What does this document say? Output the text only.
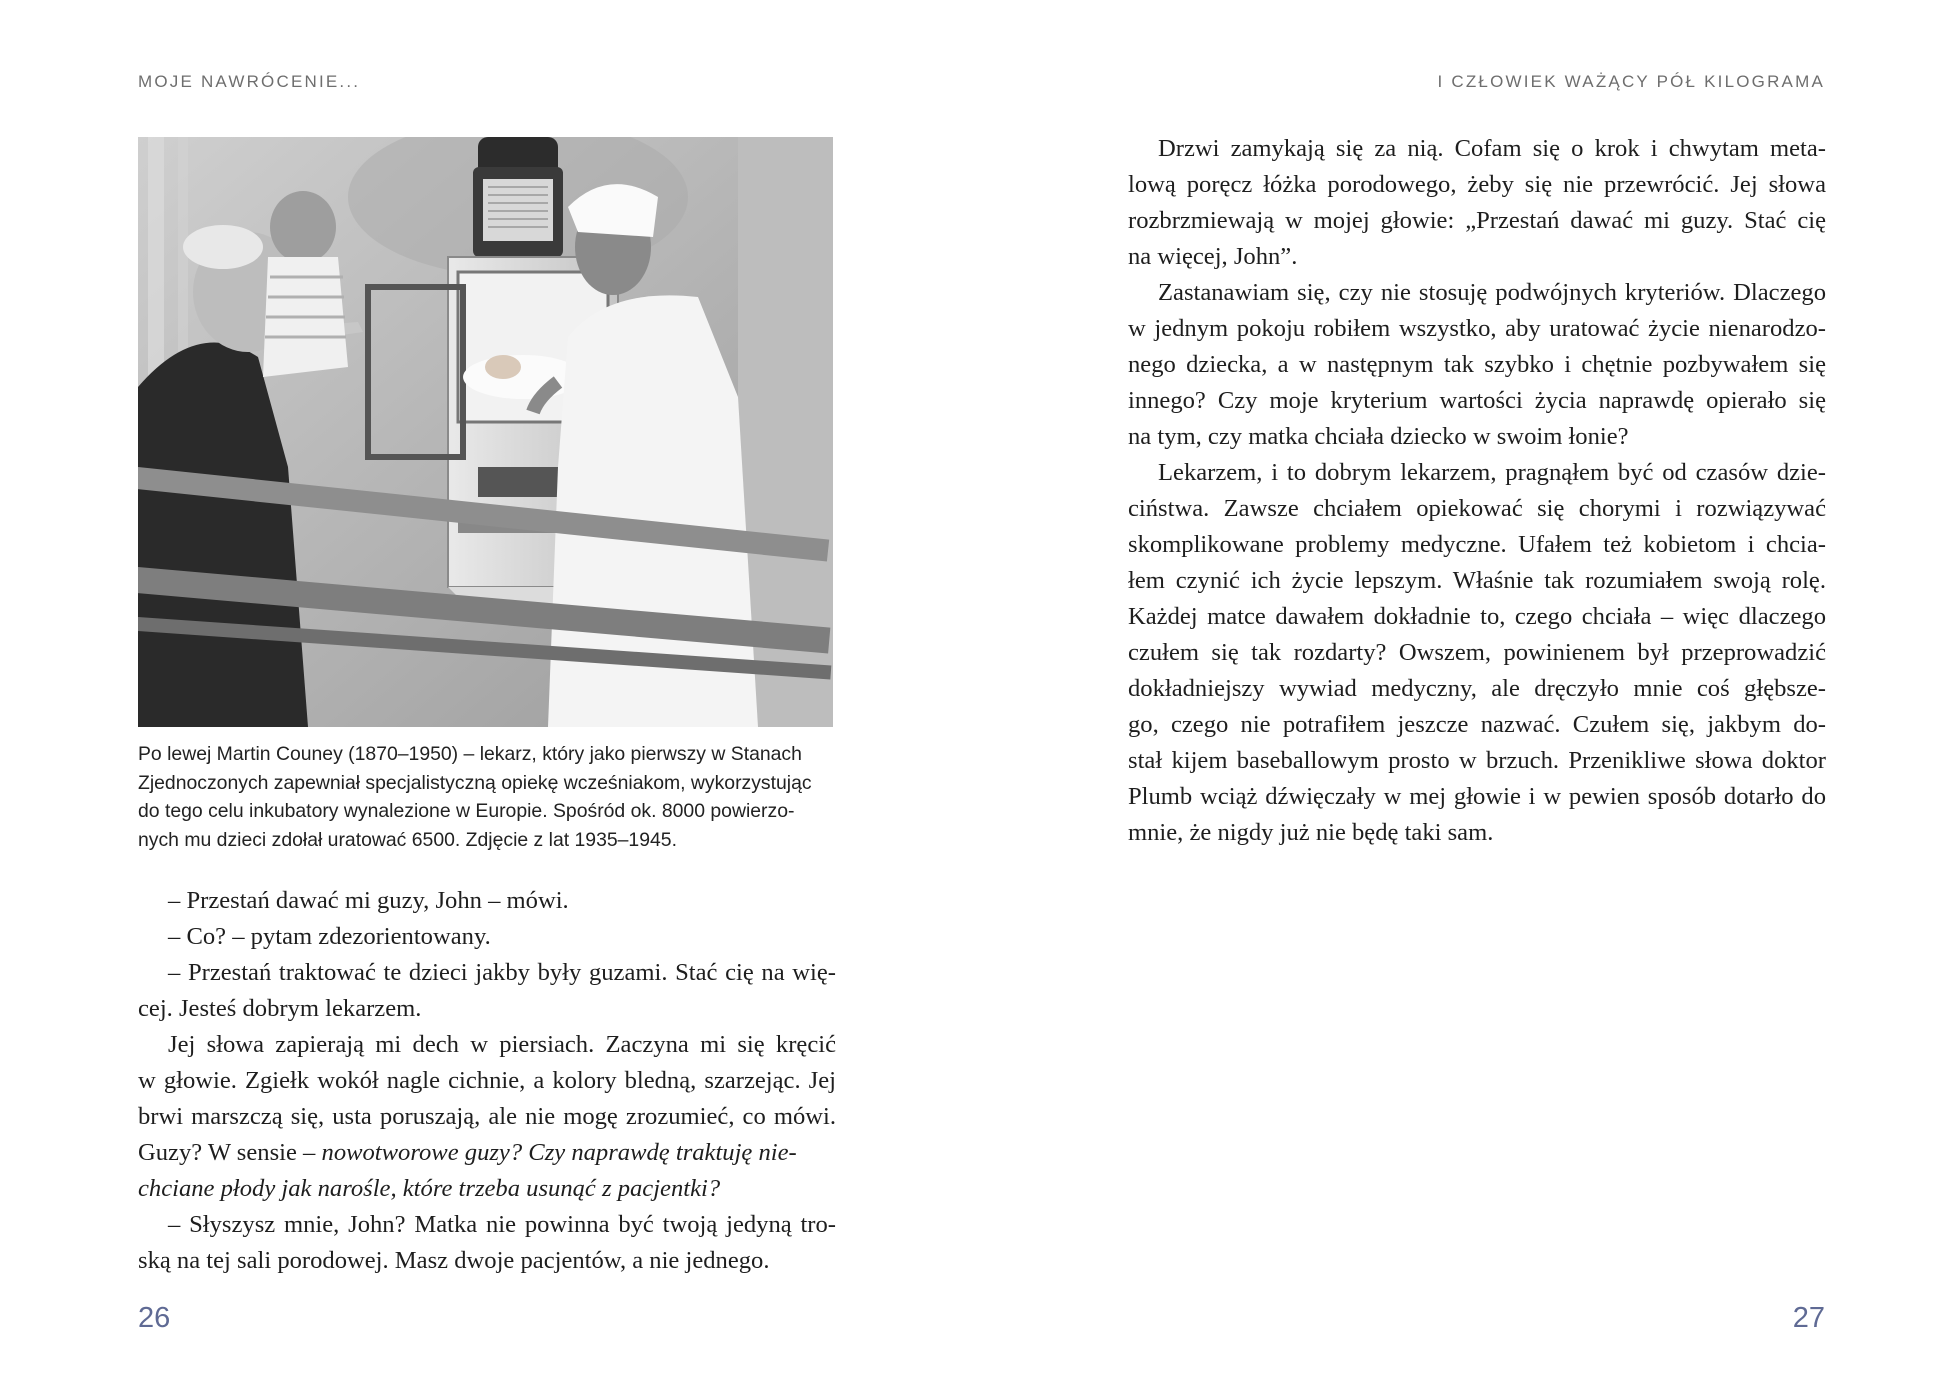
MOJE NAWRÓCENIE...

Po lewej Martin Couney (1870–1950) – lekarz, który jako pierwszy w Stanach
Zjednoczonych zapewniał specjalistyczną opiekę wcześniakom, wykorzystując
do tego celu inkubatory wynalezione w Europie. Spośród ok. 8000 powierzo-
nych mu dzieci zdołał uratować 6500. Zdjęcie z lat 1935–1945.

– Przestań dawać mi guzy, John – mówi.
– Co? – pytam zdezorientowany.
– Przestań traktować te dzieci jakby były guzami. Stać cię na wię-
cej. Jesteś dobrym lekarzem.
Jej słowa zapierają mi dech w piersiach. Zaczyna mi się kręcić
w głowie. Zgiełk wokół nagle cichnie, a kolory bledną, szarzejąc. Jej
brwi marszczą się, usta poruszają, ale nie mogę zrozumieć, co mówi.
Guzy? W sensie – nowotworowe guzy? Czy naprawdę traktuję nie-
chciane płody jak narośle, które trzeba usunąć z pacjentki?
– Słyszysz mnie, John? Matka nie powinna być twoją jedyną tro-
ską na tej sali porodowej. Masz dwoje pacjentów, a nie jednego.

26
I CZŁOWIEK WAŻĄCY PÓŁ KILOGRAMA

Drzwi zamykają się za nią. Cofam się o krok i chwytam meta-
lową poręcz łóżka porodowego, żeby się nie przewrócić. Jej słowa
rozbrzmiewają w mojej głowie: „Przestań dawać mi guzy. Stać cię
na więcej, John”.
Zastanawiam się, czy nie stosuję podwójnych kryteriów. Dlaczego
w jednym pokoju robiłem wszystko, aby uratować życie nienarodzo-
nego dziecka, a w następnym tak szybko i chętnie pozbywałem się
innego? Czy moje kryterium wartości życia naprawdę opierało się
na tym, czy matka chciała dziecko w swoim łonie?
Lekarzem, i to dobrym lekarzem, pragnąłem być od czasów dzie-
ciństwa. Zawsze chciałem opiekować się chorymi i rozwiązywać
skomplikowane problemy medyczne. Ufałem też kobietom i chcia-
łem czynić ich życie lepszym. Właśnie tak rozumiałem swoją rolę.
Każdej matce dawałem dokładnie to, czego chciała – więc dlaczego
czułem się tak rozdarty? Owszem, powinienem był przeprowadzić
dokładniejszy wywiad medyczny, ale dręczyło mnie coś głębsze-
go, czego nie potrafiłem jeszcze nazwać. Czułem się, jakbym do-
stał kijem baseballowym prosto w brzuch. Przenikliwe słowa doktor
Plumb wciąż dźwięczały w mej głowie i w pewien sposób dotarło do
mnie, że nigdy już nie będę taki sam.

27
